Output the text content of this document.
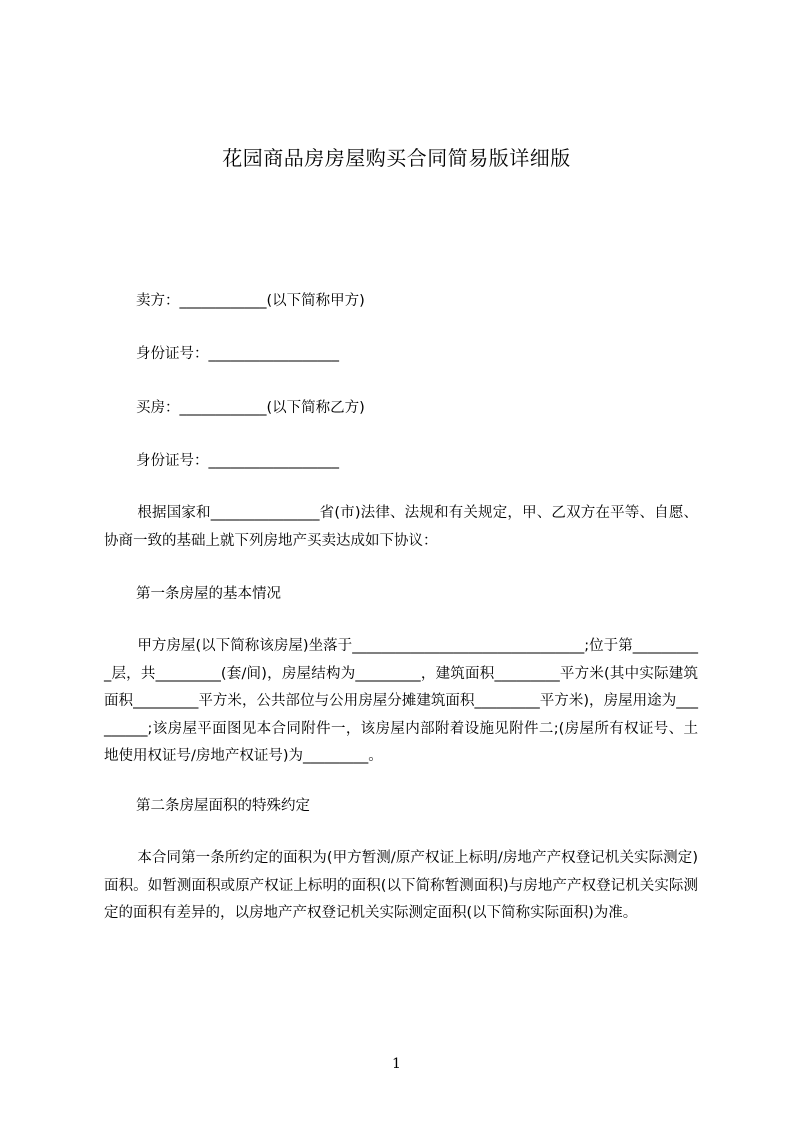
花园商品房房屋购买合同简易版详细版
卖方：____________(以下简称甲方)
身份证号：__________________
买房：____________(以下简称乙方)
身份证号：__________________
根据国家和_______________省(市)法律、法规和有关规定，甲、乙双方在平等、自愿、协商一致的基础上就下列房地产买卖达成如下协议：
第一条房屋的基本情况
甲方房屋(以下简称该房屋)坐落于________________________________;位于第__________层，共_________(套/间)，房屋结构为_________，建筑面积_________平方米(其中实际建筑面积_________平方米，公共部位与公用房屋分摊建筑面积_________平方米)，房屋用途为_________;该房屋平面图见本合同附件一，该房屋内部附着设施见附件二;(房屋所有权证号、土地使用权证号/房地产权证号)为_________。
第二条房屋面积的特殊约定
本合同第一条所约定的面积为(甲方暂测/原产权证上标明/房地产产权登记机关实际测定)面积。如暂测面积或原产权证上标明的面积(以下简称暂测面积)与房地产产权登记机关实际测定的面积有差异的，以房地产产权登记机关实际测定面积(以下简称实际面积)为准。
1
